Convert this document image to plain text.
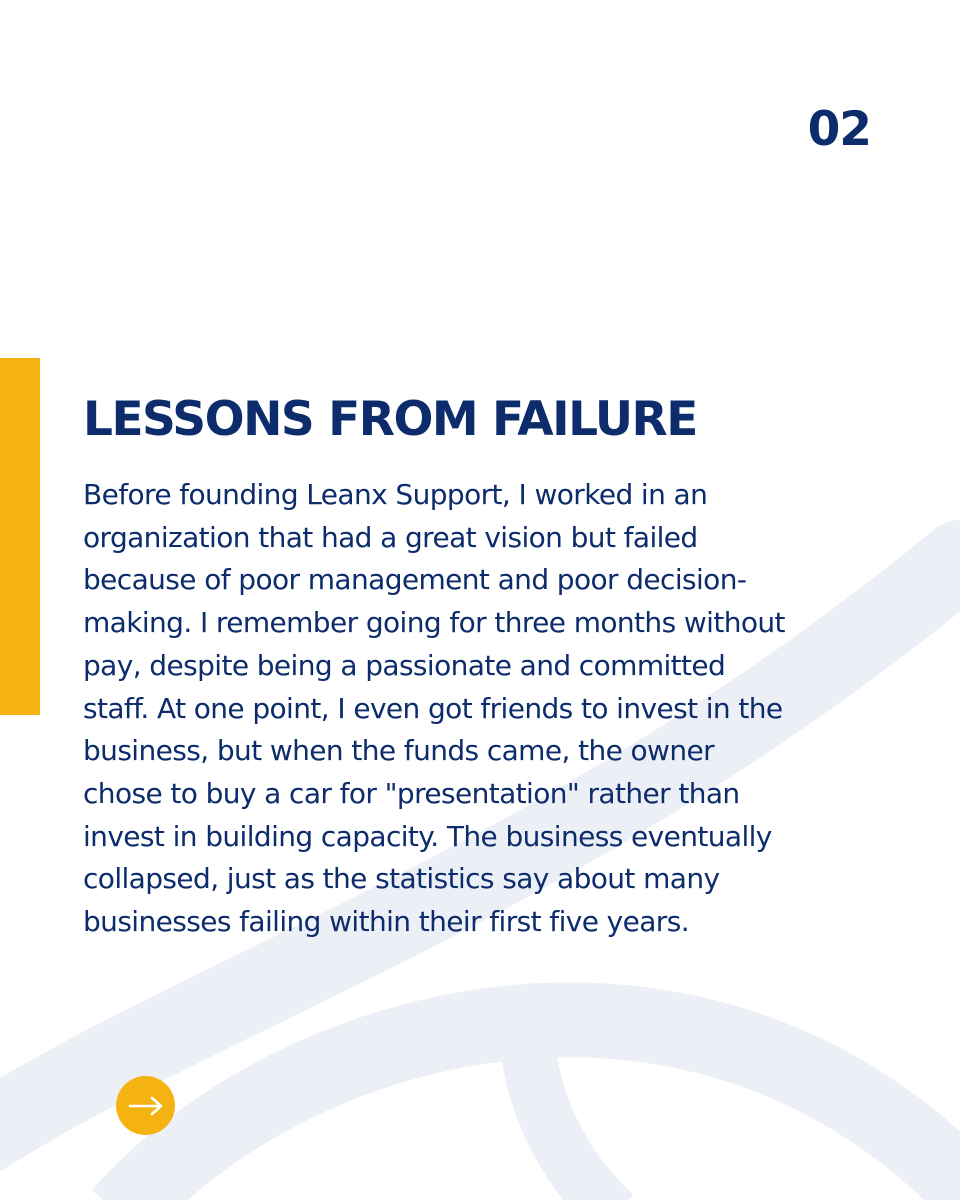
02
LESSONS FROM FAILURE

Before founding Leanx Support, I worked in an
organization that had a great vision but failed
because of poor management and poor decision-
making. I remember going for three months without
pay, despite being a passionate and committed
staff. At one point, I even got friends to invest in the
business, but when the funds came, the owner
chose to buy a car for "presentation" rather than
invest in building capacity. The business eventually
collapsed, just as the statistics say about many
businesses failing within their first five years.
